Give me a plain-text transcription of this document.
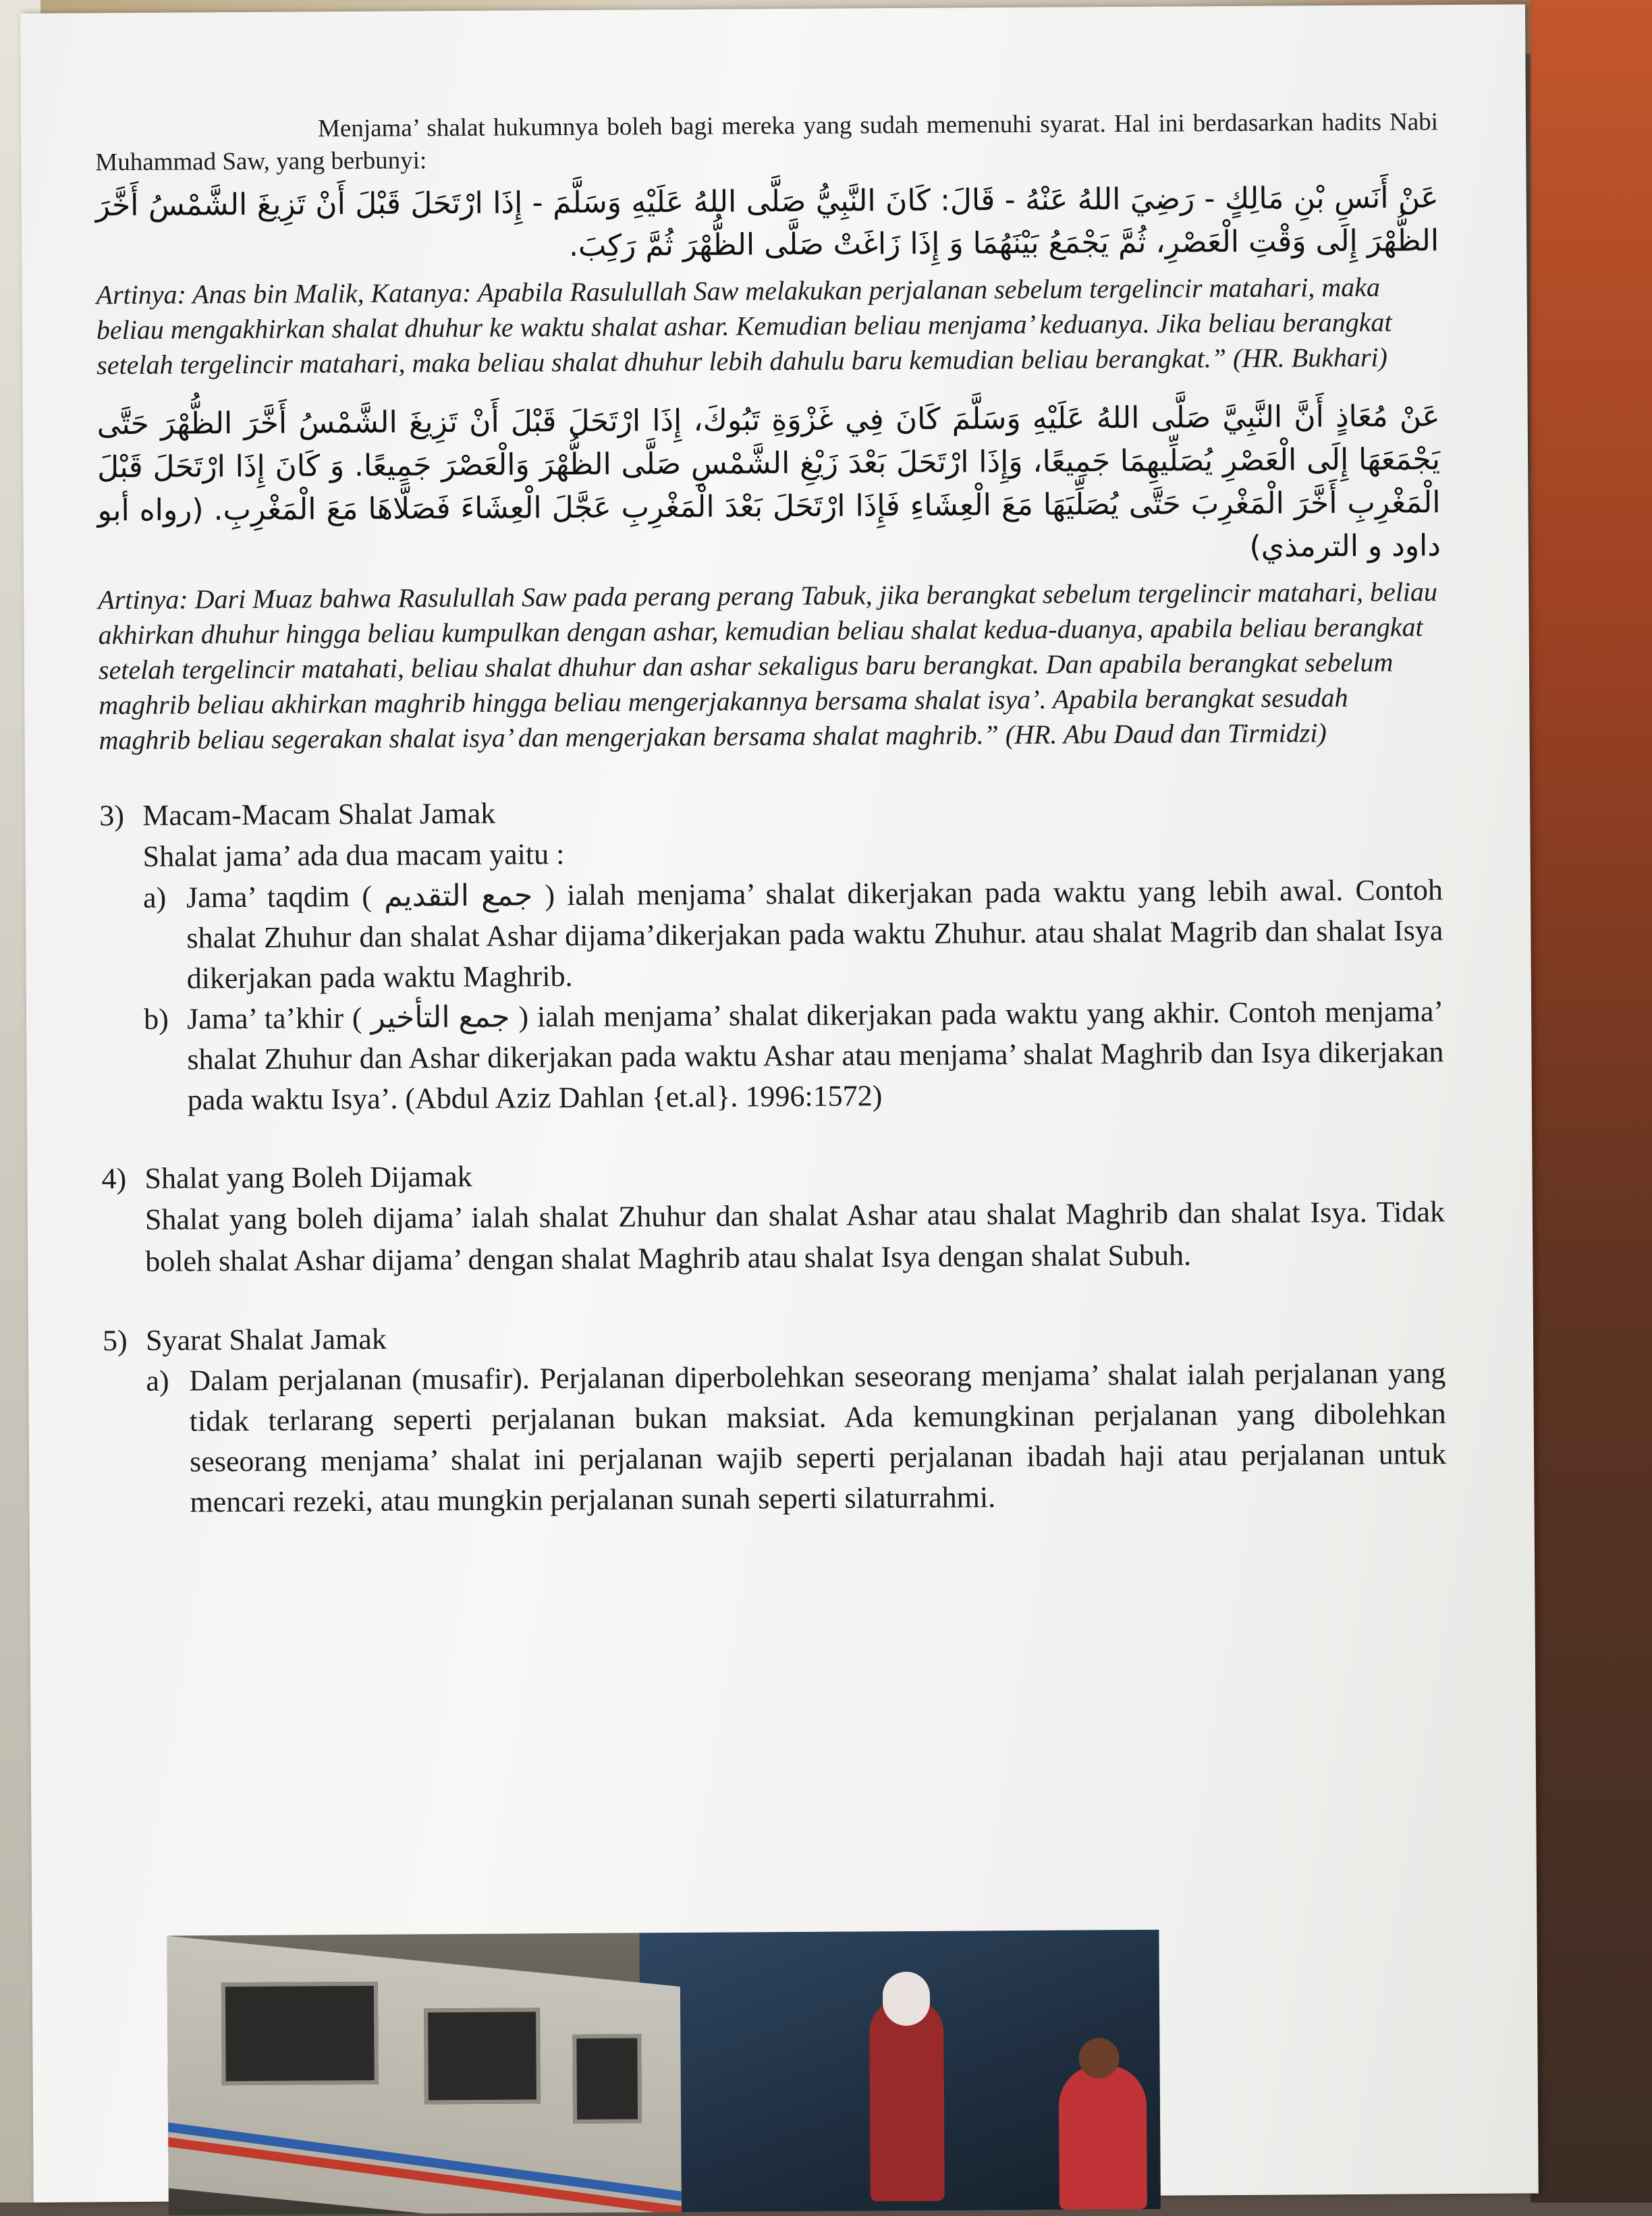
Menjama’ shalat hukumnya boleh bagi mereka yang sudah memenuhi syarat. Hal ini berdasarkan hadits Nabi Muhammad Saw, yang berbunyi:

عَنْ أَنَسِ بْنِ مَالِكٍ - رَضِيَ اللهُ عَنْهُ - قَالَ: كَانَ النَّبِيُّ صَلَّى اللهُ عَلَيْهِ وَسَلَّمَ - إِذَا ارْتَحَلَ قَبْلَ أَنْ تَزِيغَ الشَّمْسُ أَخَّرَ الظُّهْرَ إِلَى وَقْتِ الْعَصْرِ، ثُمَّ يَجْمَعُ بَيْنَهُمَا وَ إِذَا زَاغَتْ صَلَّى الظُّهْرَ ثُمَّ رَكِبَ.

Artinya: Anas bin Malik, Katanya: Apabila Rasulullah Saw melakukan perjalanan sebelum tergelincir matahari, maka beliau mengakhirkan shalat dhuhur ke waktu shalat ashar. Kemudian beliau menjama’ keduanya. Jika beliau berangkat setelah tergelincir matahari, maka beliau shalat dhuhur lebih dahulu baru kemudian beliau berangkat.” (HR. Bukhari)

عَنْ مُعَاذٍ أَنَّ النَّبِيَّ صَلَّى اللهُ عَلَيْهِ وَسَلَّمَ كَانَ فِي غَزْوَةِ تَبُوكَ، إِذَا ارْتَحَلَ قَبْلَ أَنْ تَزِيغَ الشَّمْسُ أَخَّرَ الظُّهْرَ حَتَّى يَجْمَعَهَا إِلَى الْعَصْرِ يُصَلِّيهِمَا جَمِيعًا، وَإِذَا ارْتَحَلَ بَعْدَ زَيْغِ الشَّمْسِ صَلَّى الظُّهْرَ وَالْعَصْرَ جَمِيعًا. وَ كَانَ إِذَا ارْتَحَلَ قَبْلَ الْمَغْرِبِ أَخَّرَ الْمَغْرِبَ حَتَّى يُصَلِّيَهَا مَعَ الْعِشَاءِ فَإِذَا ارْتَحَلَ بَعْدَ الْمَغْرِبِ عَجَّلَ الْعِشَاءَ فَصَلَّاهَا مَعَ الْمَغْرِبِ. (رواه أبو داود و الترمذي)

Artinya: Dari Muaz bahwa Rasulullah Saw pada perang perang Tabuk, jika berangkat sebelum tergelincir matahari, beliau akhirkan dhuhur hingga beliau kumpulkan dengan ashar, kemudian beliau shalat kedua-duanya, apabila beliau berangkat setelah tergelincir matahati, beliau shalat dhuhur dan ashar sekaligus baru berangkat. Dan apabila berangkat sebelum maghrib beliau akhirkan maghrib hingga beliau mengerjakannya bersama shalat isya’. Apabila berangkat sesudah maghrib beliau segerakan shalat isya’ dan mengerjakan bersama shalat maghrib.” (HR. Abu Daud dan Tirmidzi)

3) Macam-Macam Shalat Jamak

Shalat jama’ ada dua macam yaitu :
a) Jama’ taqdim ( جمع التقديم ) ialah menjama’ shalat dikerjakan pada waktu yang lebih awal. Contoh shalat Zhuhur dan shalat Ashar dijama’dikerjakan pada waktu Zhuhur. atau shalat Magrib dan shalat Isya dikerjakan pada waktu Maghrib.
b) Jama’ ta’khir ( جمع التأخير ) ialah menjama’ shalat dikerjakan pada waktu yang akhir. Contoh menjama’ shalat Zhuhur dan Ashar dikerjakan pada waktu Ashar atau menjama’ shalat Maghrib dan Isya dikerjakan pada waktu Isya’. (Abdul Aziz Dahlan {et.al}. 1996:1572)

4) Shalat yang Boleh Dijamak

Shalat yang boleh dijama’ ialah shalat Zhuhur dan shalat Ashar atau shalat Maghrib dan shalat Isya. Tidak boleh shalat Ashar dijama’ dengan shalat Maghrib atau shalat Isya dengan shalat Subuh.

5) Syarat Shalat Jamak

a) Dalam perjalanan (musafir). Perjalanan diperbolehkan seseorang menjama’ shalat ialah perjalanan yang tidak terlarang seperti perjalanan bukan maksiat. Ada kemungkinan perjalanan yang dibolehkan seseorang menjama’ shalat ini perjalanan wajib seperti perjalanan ibadah haji atau perjalanan untuk mencari rezeki, atau mungkin perjalanan sunah seperti silaturrahmi.
